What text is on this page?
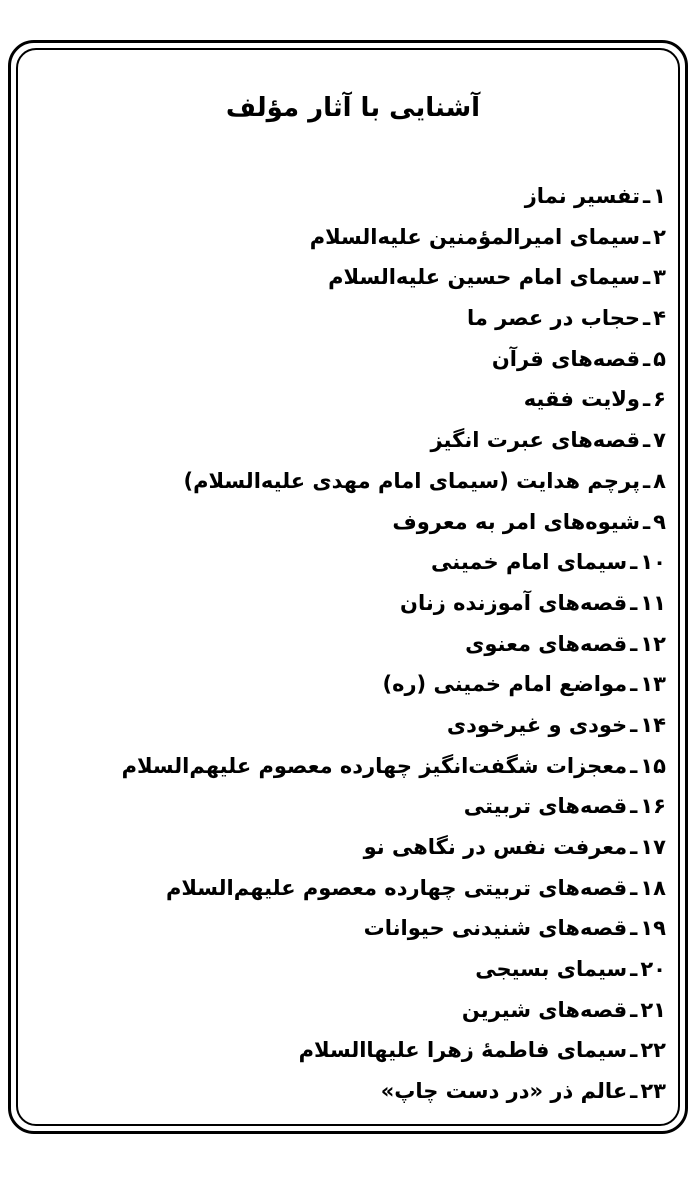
آشنایی با آثار مؤلف
۱ـتفسیر نماز
۲ـسیمای امیرالمؤمنین علیه‌السلام
۳ـسیمای امام حسین علیه‌السلام
۴ـحجاب در عصر ما
۵ـقصه‌های قرآن
۶ـولایت فقیه
۷ـقصه‌های عبرت انگیز
۸ـپرچم هدایت (سیمای امام مهدی علیه‌السلام)
۹ـشیوه‌های امر به معروف
۱۰ـسیمای امام خمینی
۱۱ـقصه‌های آموزنده زنان
۱۲ـقصه‌های معنوی
۱۳ـمواضع امام خمینی (ره)
۱۴ـخودی و غیرخودی
۱۵ـمعجزات شگفت‌انگیز چهارده معصوم علیهم‌السلام
۱۶ـقصه‌های تربیتی
۱۷ـمعرفت نفس در نگاهی نو
۱۸ـقصه‌های تربیتی چهارده معصوم علیهم‌السلام
۱۹ـقصه‌های شنیدنی حیوانات
۲۰ـسیمای بسیجی
۲۱ـقصه‌های شیرین
۲۲ـسیمای فاطمهٔ زهرا علیهاالسلام
۲۳ـعالم ذر «در دست چاپ»
